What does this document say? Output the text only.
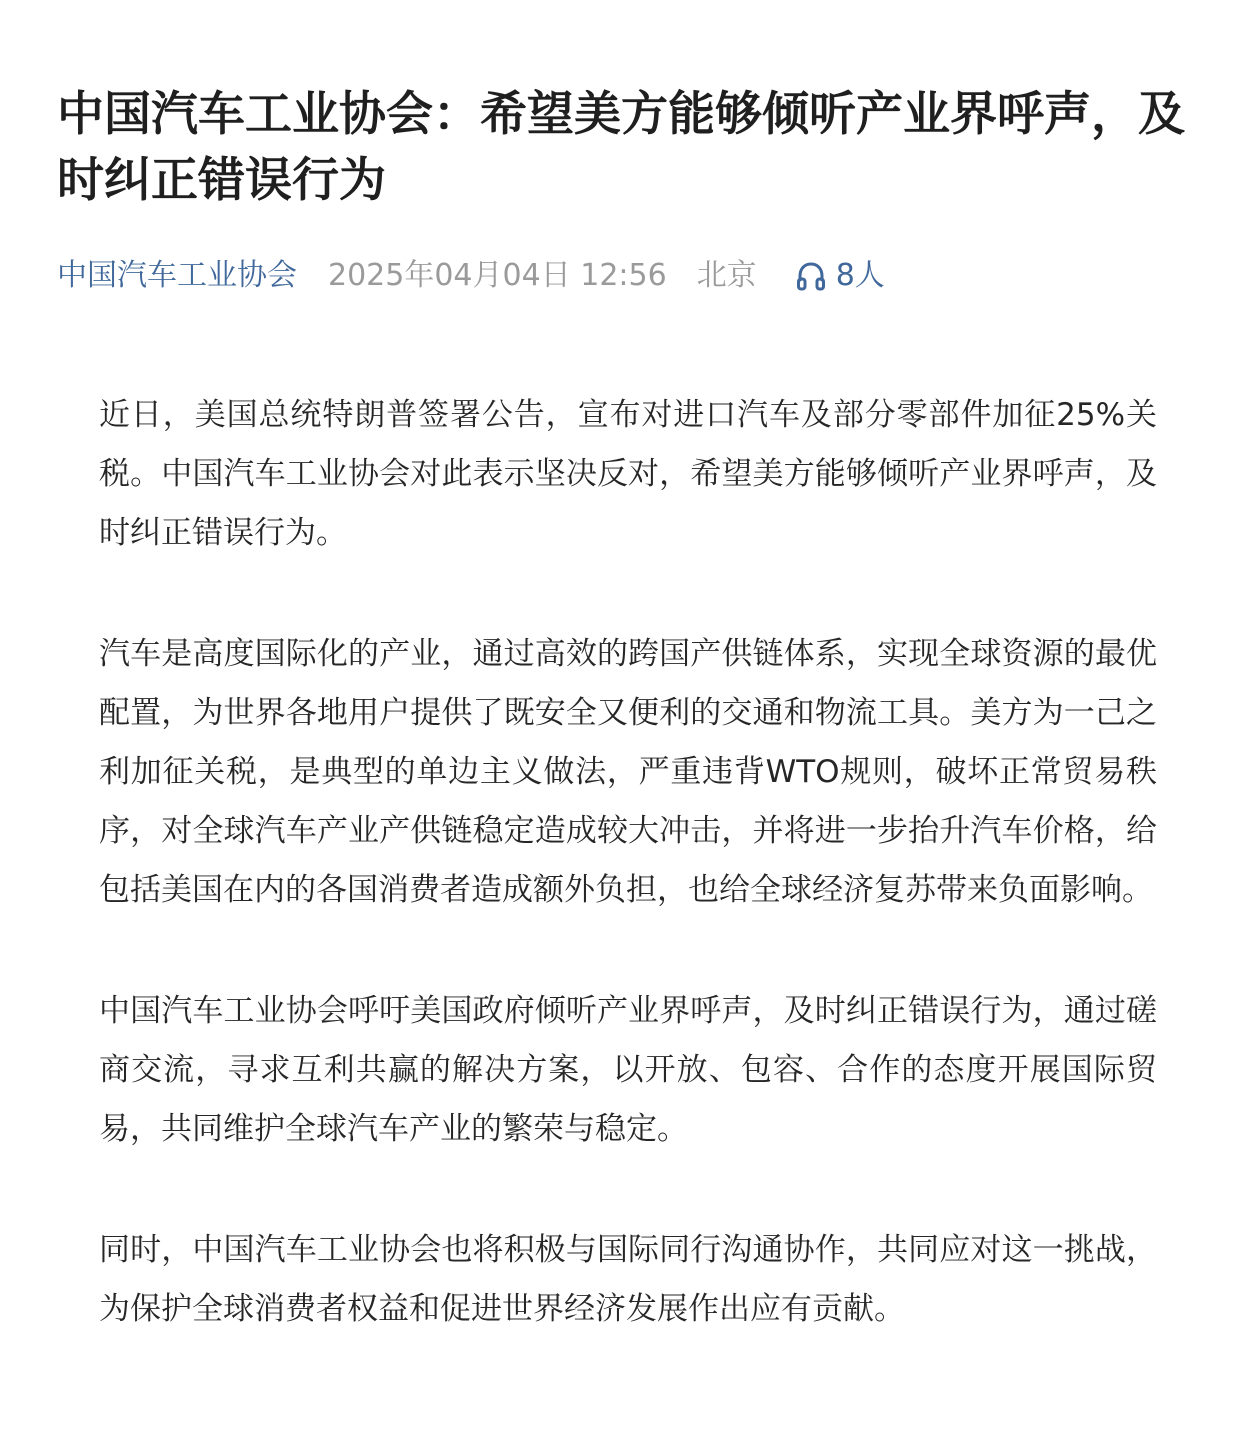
中国汽车工业协会：希望美方能够倾听产业界呼声，及时纠正错误行为
中国汽车工业协会 2025年04月04日 12:56 北京	8人

近日，美国总统特朗普签署公告，宣布对进口汽车及部分零部件加征25%关税。中国汽车工业协会对此表示坚决反对，希望美方能够倾听产业界呼声，及时纠正错误行为。

汽车是高度国际化的产业，通过高效的跨国产供链体系，实现全球资源的最优配置，为世界各地用户提供了既安全又便利的交通和物流工具。美方为一己之利加征关税，是典型的单边主义做法，严重违背WTO规则，破坏正常贸易秩序，对全球汽车产业产供链稳定造成较大冲击，并将进一步抬升汽车价格，给包括美国在内的各国消费者造成额外负担，也给全球经济复苏带来负面影响。

中国汽车工业协会呼吁美国政府倾听产业界呼声，及时纠正错误行为，通过磋商交流，寻求互利共赢的解决方案，以开放、包容、合作的态度开展国际贸易，共同维护全球汽车产业的繁荣与稳定。

同时，中国汽车工业协会也将积极与国际同行沟通协作，共同应对这一挑战，为保护全球消费者权益和促进世界经济发展作出应有贡献。
